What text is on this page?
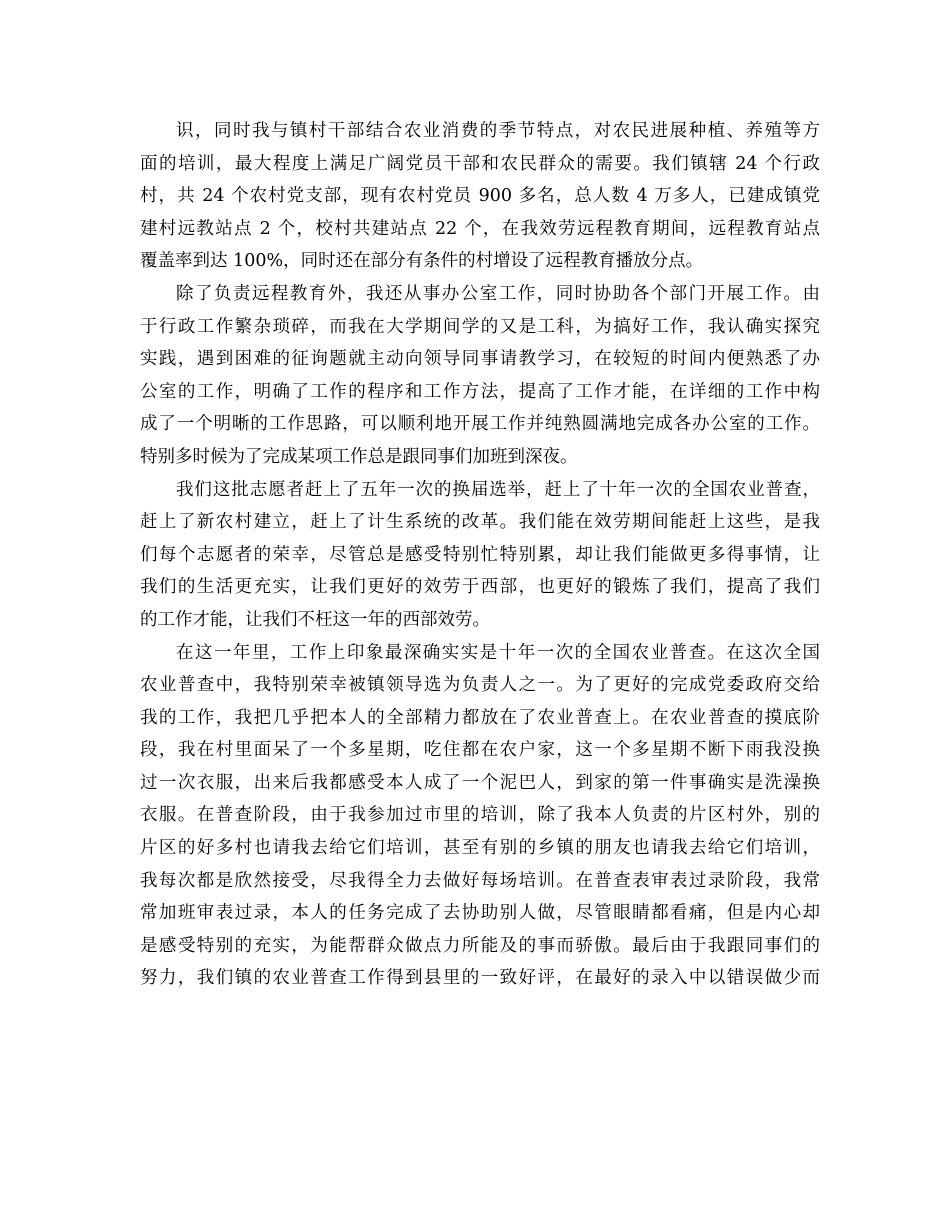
识，同时我与镇村干部结合农业消费的季节特点，对农民进展种植、养殖等方
面的培训，最大程度上满足广阔党员干部和农民群众的需要。我们镇辖 24 个行政
村，共 24 个农村党支部，现有农村党员 900 多名，总人数 4 万多人，已建成镇党
建村远教站点 2 个，校村共建站点 22 个，在我效劳远程教育期间，远程教育站点
覆盖率到达 100%，同时还在部分有条件的村增设了远程教育播放分点。
除了负责远程教育外，我还从事办公室工作，同时协助各个部门开展工作。由
于行政工作繁杂琐碎，而我在大学期间学的又是工科，为搞好工作，我认确实探究
实践，遇到困难的征询题就主动向领导同事请教学习，在较短的时间内便熟悉了办
公室的工作，明确了工作的程序和工作方法，提高了工作才能，在详细的工作中构
成了一个明晰的工作思路，可以顺利地开展工作并纯熟圆满地完成各办公室的工作。
特别多时候为了完成某项工作总是跟同事们加班到深夜。
我们这批志愿者赶上了五年一次的换届选举，赶上了十年一次的全国农业普查，
赶上了新农村建立，赶上了计生系统的改革。我们能在效劳期间能赶上这些，是我
们每个志愿者的荣幸，尽管总是感受特别忙特别累，却让我们能做更多得事情，让
我们的生活更充实，让我们更好的效劳于西部，也更好的锻炼了我们，提高了我们
的工作才能，让我们不枉这一年的西部效劳。
在这一年里，工作上印象最深确实实是十年一次的全国农业普查。在这次全国
农业普查中，我特别荣幸被镇领导选为负责人之一。为了更好的完成党委政府交给
我的工作，我把几乎把本人的全部精力都放在了农业普查上。在农业普查的摸底阶
段，我在村里面呆了一个多星期，吃住都在农户家，这一个多星期不断下雨我没换
过一次衣服，出来后我都感受本人成了一个泥巴人，到家的第一件事确实是洗澡换
衣服。在普查阶段，由于我参加过市里的培训，除了我本人负责的片区村外，别的
片区的好多村也请我去给它们培训，甚至有别的乡镇的朋友也请我去给它们培训，
我每次都是欣然接受，尽我得全力去做好每场培训。在普查表审表过录阶段，我常
常加班审表过录，本人的任务完成了去协助别人做，尽管眼睛都看痛，但是内心却
是感受特别的充实，为能帮群众做点力所能及的事而骄傲。最后由于我跟同事们的
努力，我们镇的农业普查工作得到县里的一致好评，在最好的录入中以错误做少而
